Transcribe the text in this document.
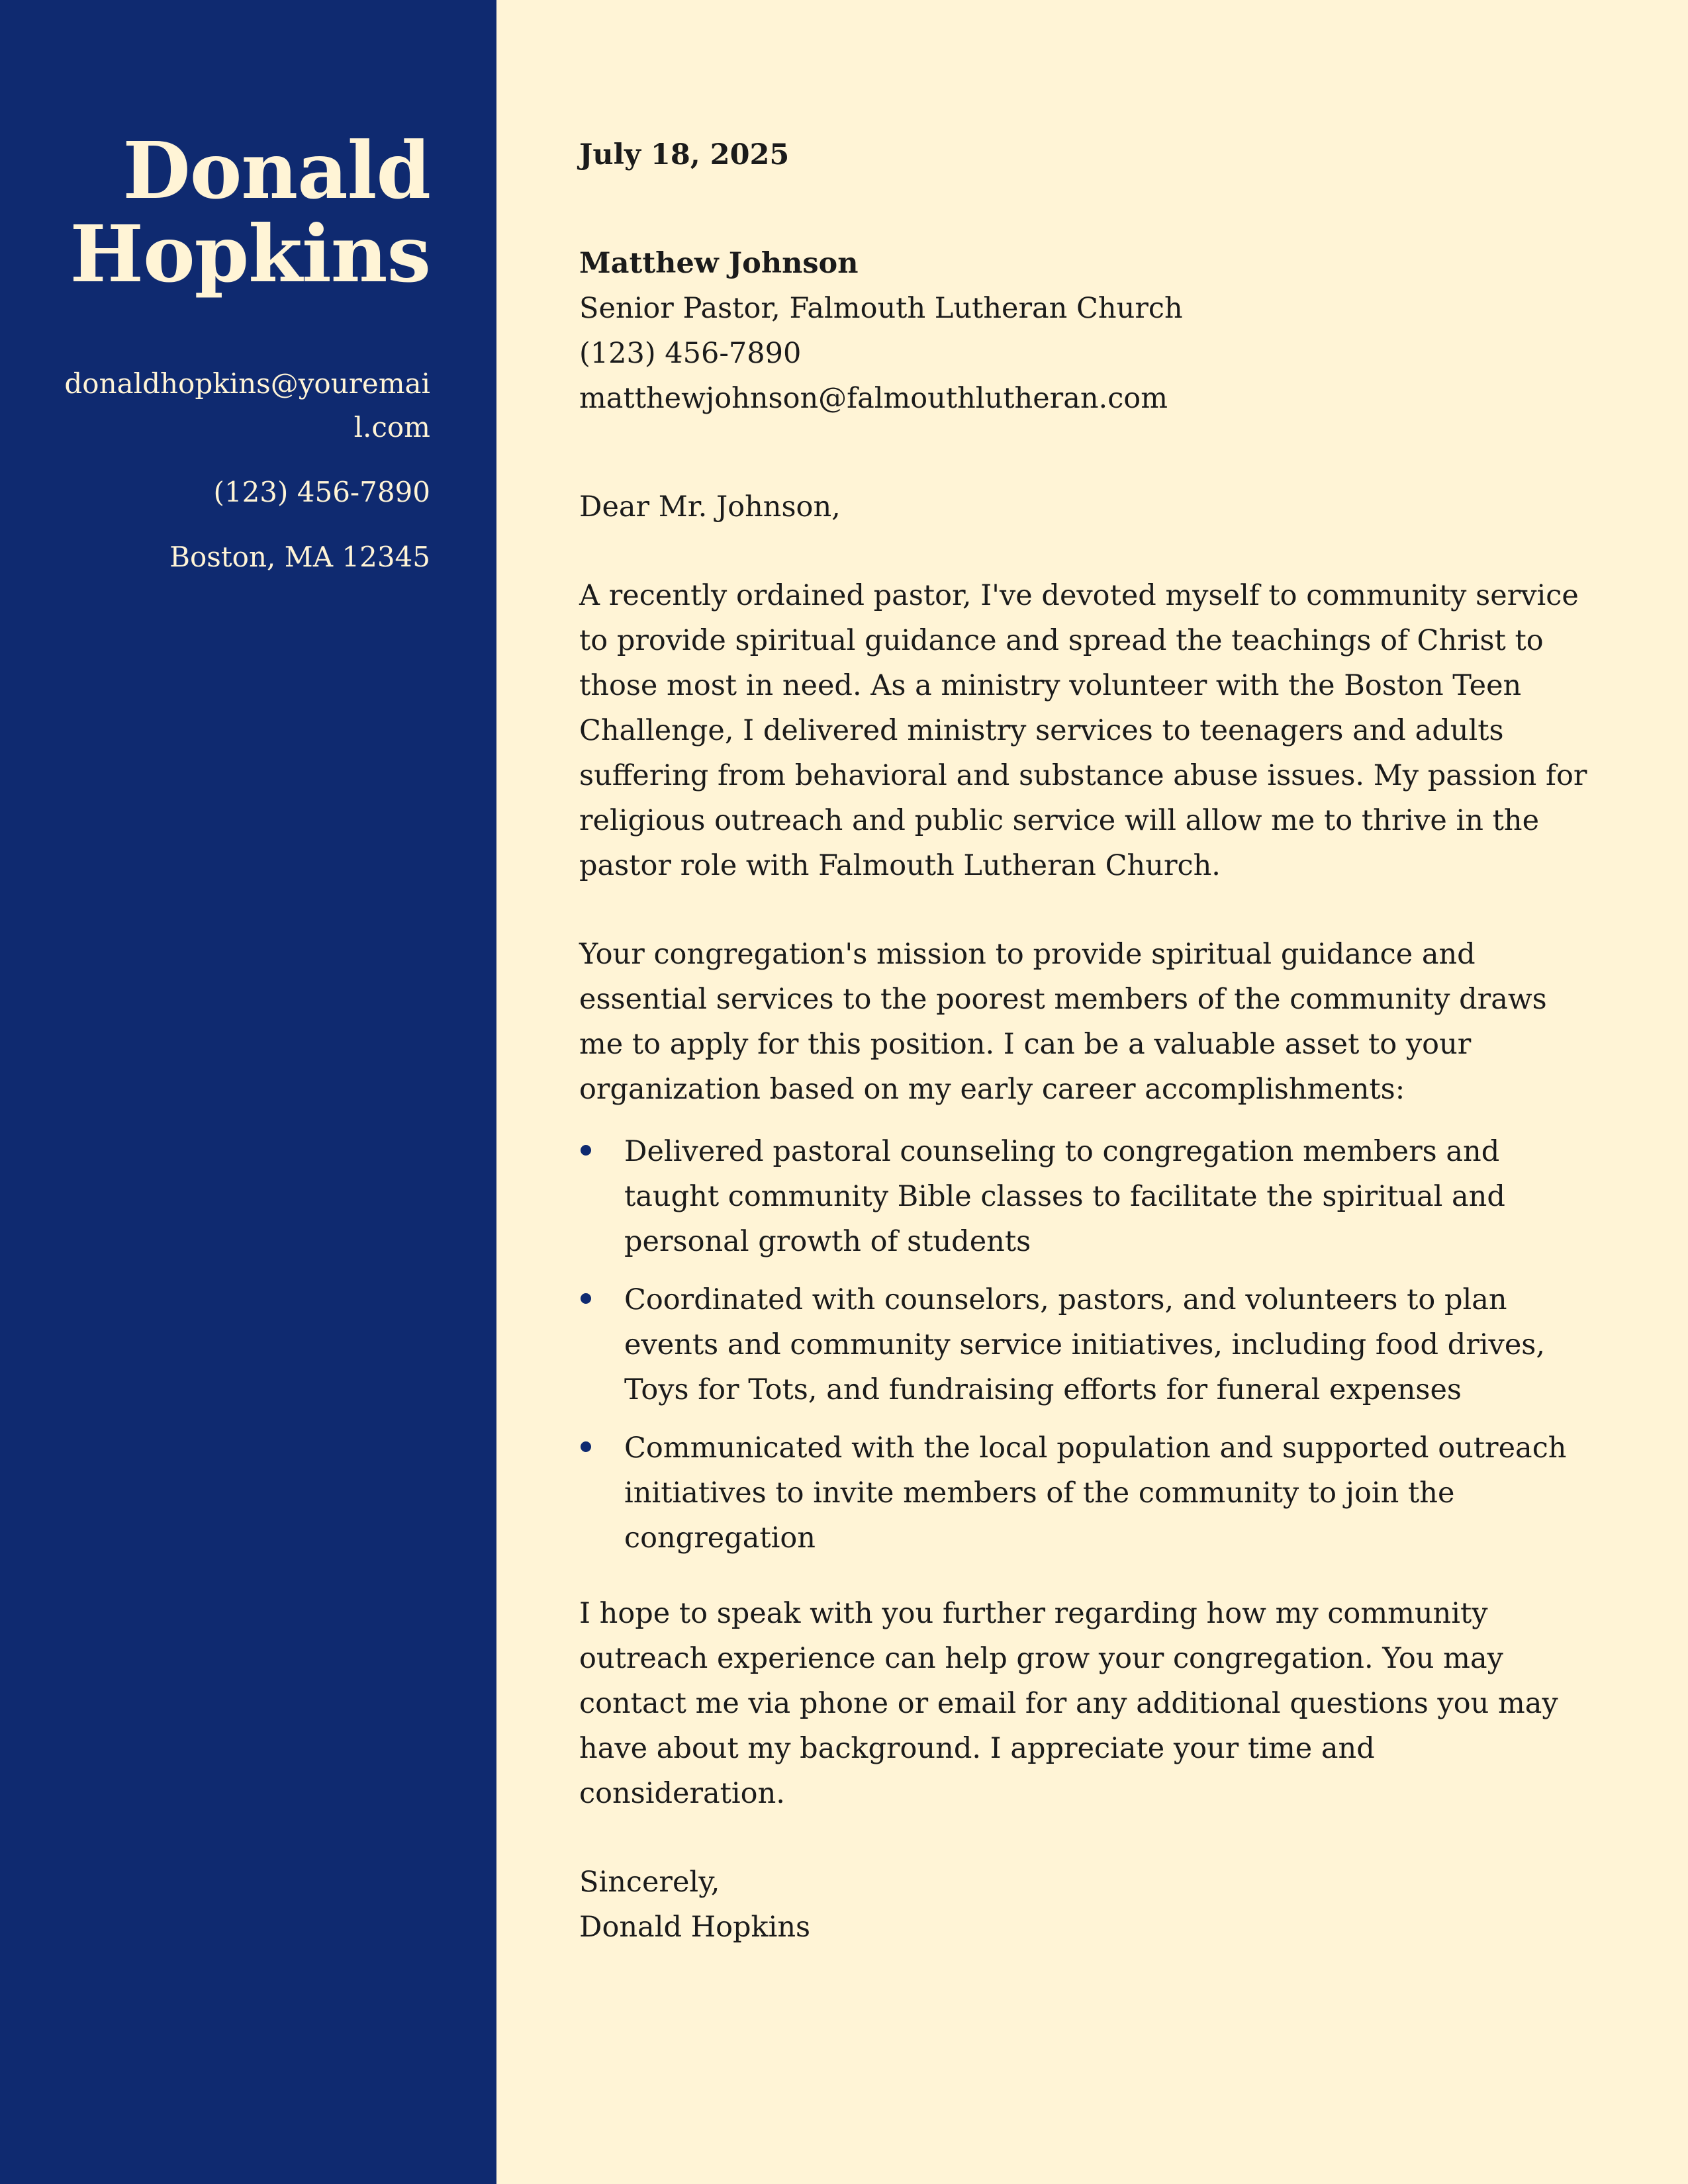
Donald
Hopkins
donaldhopkins@youremail.com
(123) 456-7890
Boston, MA 12345
July 18, 2025
Matthew Johnson
Senior Pastor, Falmouth Lutheran Church
(123) 456-7890
matthewjohnson@falmouthlutheran.com
Dear Mr. Johnson,

A recently ordained pastor, I've devoted myself to community service to provide spiritual guidance and spread the teachings of Christ to those most in need. As a ministry volunteer with the Boston Teen Challenge, I delivered ministry services to teenagers and adults suffering from behavioral and substance abuse issues. My passion for religious outreach and public service will allow me to thrive in the pastor role with Falmouth Lutheran Church.

Your congregation's mission to provide spiritual guidance and essential services to the poorest members of the community draws me to apply for this position. I can be a valuable asset to your organization based on my early career accomplishments:

Delivered pastoral counseling to congregation members and taught community Bible classes to facilitate the spiritual and personal growth of students
Coordinated with counselors, pastors, and volunteers to plan events and community service initiatives, including food drives, Toys for Tots, and fundraising efforts for funeral expenses
Communicated with the local population and supported outreach initiatives to invite members of the community to join the congregation

I hope to speak with you further regarding how my community outreach experience can help grow your congregation. You may contact me via phone or email for any additional questions you may have about my background. I appreciate your time and consideration.

Sincerely,
Donald Hopkins
